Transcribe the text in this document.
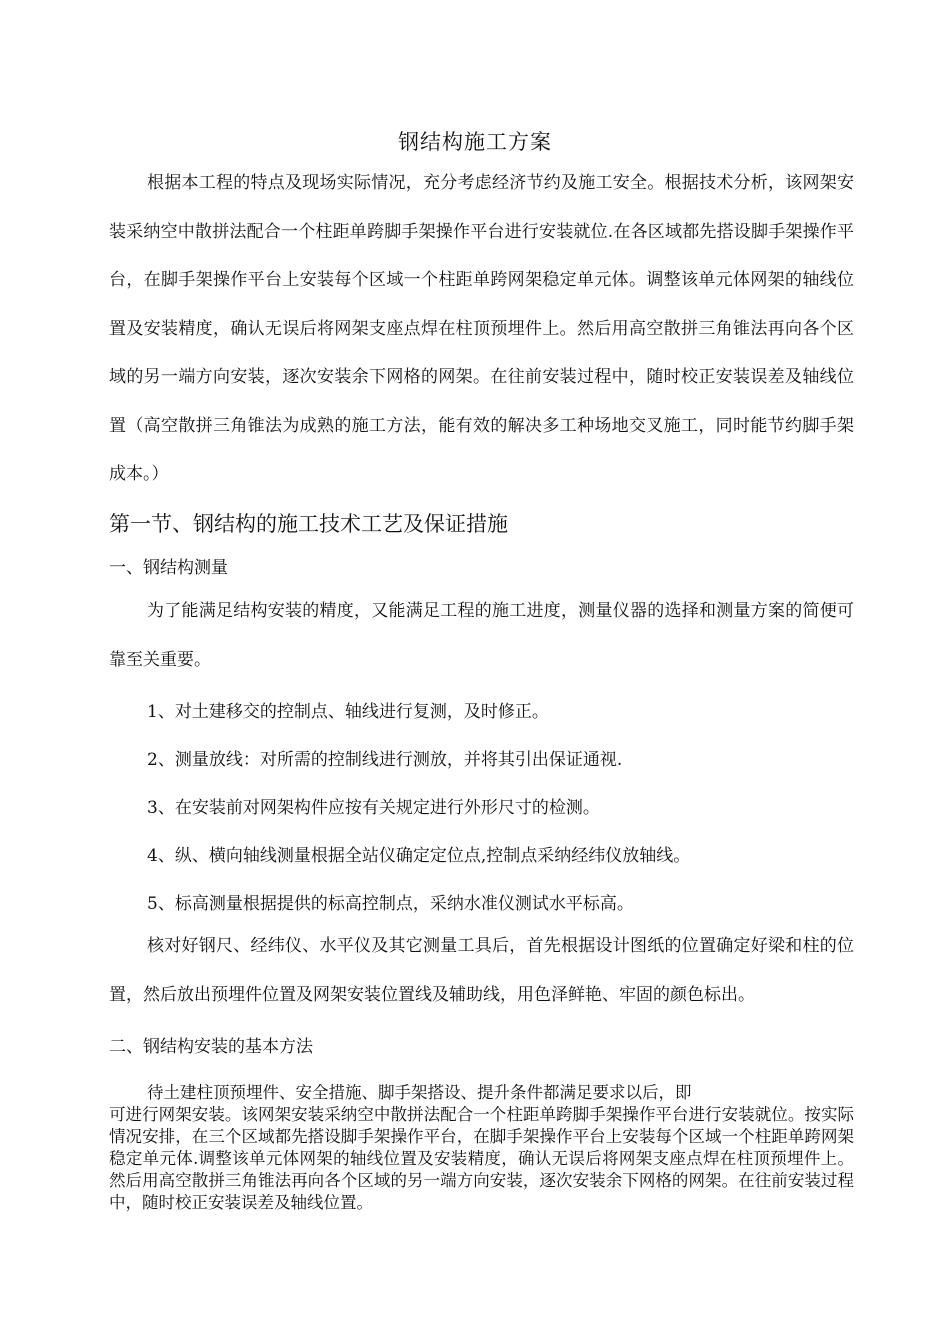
钢结构施工方案

根据本工程的特点及现场实际情况，充分考虑经济节约及施工安全。根据技术分析，该网架安装采纳空中散拼法配合一个柱距单跨脚手架操作平台进行安装就位.在各区域都先搭设脚手架操作平台，在脚手架操作平台上安装每个区域一个柱距单跨网架稳定单元体。调整该单元体网架的轴线位置及安装精度，确认无误后将网架支座点焊在柱顶预埋件上。然后用高空散拼三角锥法再向各个区域的另一端方向安装，逐次安装余下网格的网架。在往前安装过程中，随时校正安装误差及轴线位置（高空散拼三角锥法为成熟的施工方法，能有效的解决多工种场地交叉施工，同时能节约脚手架成本。）

第一节、钢结构的施工技术工艺及保证措施
一、钢结构测量

为了能满足结构安装的精度，又能满足工程的施工进度，测量仪器的选择和测量方案的简便可靠至关重要。

1、对土建移交的控制点、轴线进行复测，及时修正。

2、测量放线：对所需的控制线进行测放，并将其引出保证通视.

3、在安装前对网架构件应按有关规定进行外形尺寸的检测。

4、纵、横向轴线测量根据全站仪确定定位点,控制点采纳经纬仪放轴线。

5、标高测量根据提供的标高控制点，采纳水准仪测试水平标高。

核对好钢尺、经纬仪、水平仪及其它测量工具后，首先根据设计图纸的位置确定好梁和柱的位置，然后放出预埋件位置及网架安装位置线及辅助线，用色泽鲜艳、牢固的颜色标出。

二、钢结构安装的基本方法

待土建柱顶预埋件、安全措施、脚手架搭设、提升条件都满足要求以后，即
可进行网架安装。该网架安装采纳空中散拼法配合一个柱距单跨脚手架操作平台进行安装就位。按实际情况安排，在三个区域都先搭设脚手架操作平台，在脚手架操作平台上安装每个区域一个柱距单跨网架稳定单元体.调整该单元体网架的轴线位置及安装精度，确认无误后将网架支座点焊在柱顶预埋件上。然后用高空散拼三角锥法再向各个区域的另一端方向安装，逐次安装余下网格的网架。在往前安装过程中，随时校正安装误差及轴线位置。
